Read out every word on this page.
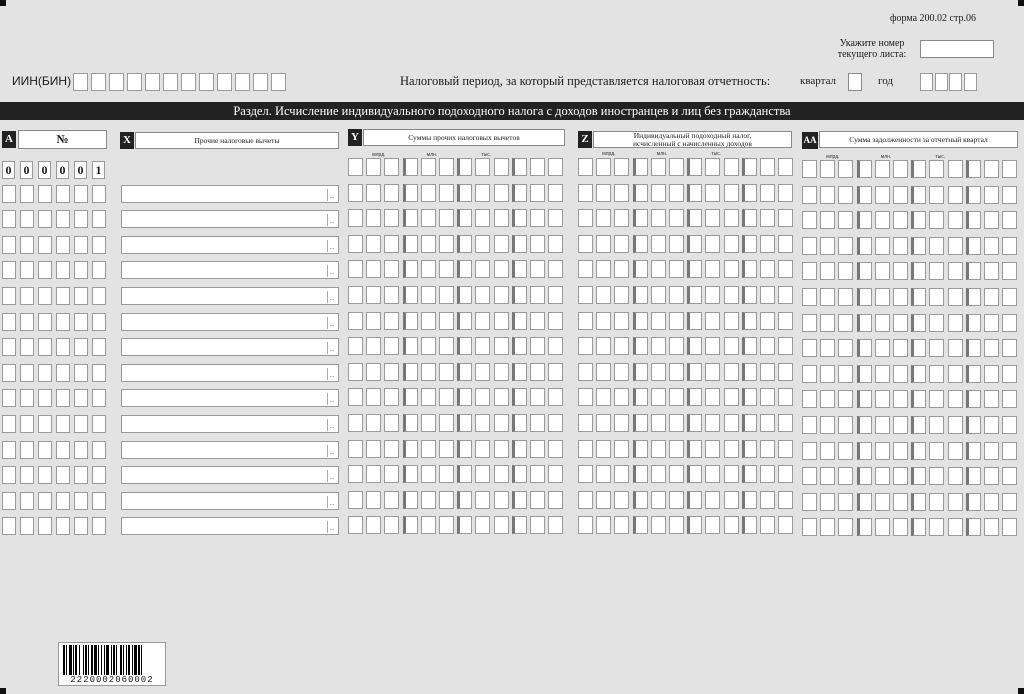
форма 200.02 стр.06
Укажите номер
текущего листа:
ИИН(БИН)	Налоговый период, за который представляется налоговая отчетность:	квартал	год
Раздел. Исчисление индивидуального подоходного налога с доходов иностранцев и лиц без гражданства
A	№	X	Прочие налоговые вычеты	Y	Суммы прочих налоговых вычетов	Z	Индивидуальный подоходный налог,
исчисленный с начисленных доходов	AA	Сумма задолженности за отчетный квартал
0 0 0 0 0 1
млрд.	млн.	тыс.	млрд.	млн.	тыс.	млрд.	млн.	тыс.
...
...
...
...
...
...
...
...
...
...
...
...
...
...
2220002060002
